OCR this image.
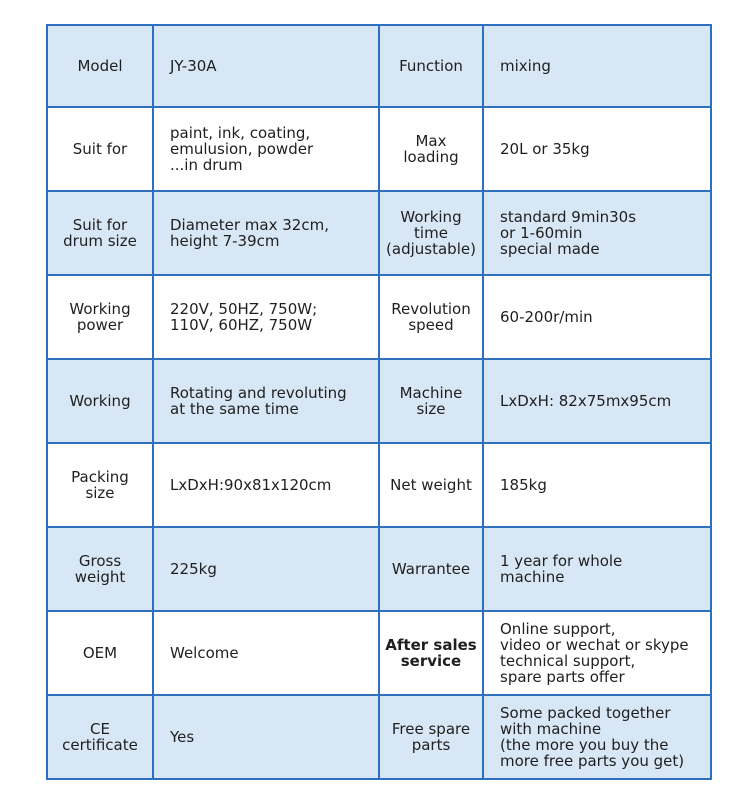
Model	JY-30A	Function	mixing

Suit for	paint, ink, coating,
emulusion, powder
...in drum	Max
loading	20L or 35kg

Suit for
drum size	Diameter max 32cm,
height 7-39cm	Working
time
(adjustable)	standard 9min30s
or 1-60min
special made

Working
power	220V, 50HZ, 750W;
110V, 60HZ, 750W	Revolution
speed	60-200r/min

Working	Rotating and revoluting
at the same time	Machine
size	LxDxH: 82x75mx95cm

Packing
size	LxDxH:90x81x120cm	Net weight	185kg

Gross
weight	225kg	Warrantee	1 year for whole
machine

OEM	Welcome	After sales
service	Online support,
video or wechat or skype
technical support,
spare parts offer

CE
certificate	Yes	Free spare
parts	Some packed together
with machine
(the more you buy the
more free parts you get)
